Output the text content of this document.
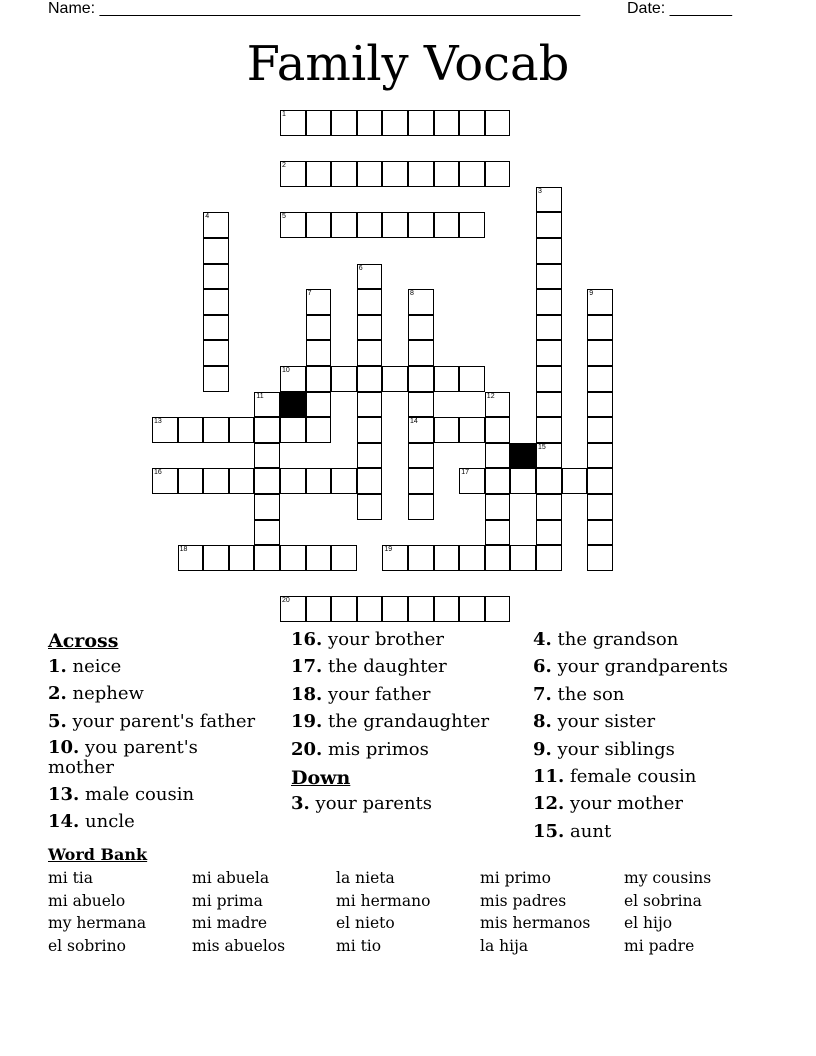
Name: ______________________________________________________	Date: _______
Family Vocab
1
2
5
10
13	14
16	17
18	19
20
3
4
6
7	8	9
11	12
15
Across
1. neice
2. nephew
5. your parent's father
10. you parent's mother
13. male cousin
14. uncle
16. your brother
17. the daughter
18. your father
19. the grandaughter
20. mis primos
Down
3. your parents
4. the grandson
6. your grandparents
7. the son
8. your sister
9. your siblings
11. female cousin
12. your mother
15. aunt
Word Bank
mi tia	mi abuela	la nieta	mi primo	my cousins
mi abuelo	mi prima	mi hermano	mis padres	el sobrina
my hermana	mi madre	el nieto	mis hermanos	el hijo
el sobrino	mis abuelos	mi tio	la hija	mi padre
